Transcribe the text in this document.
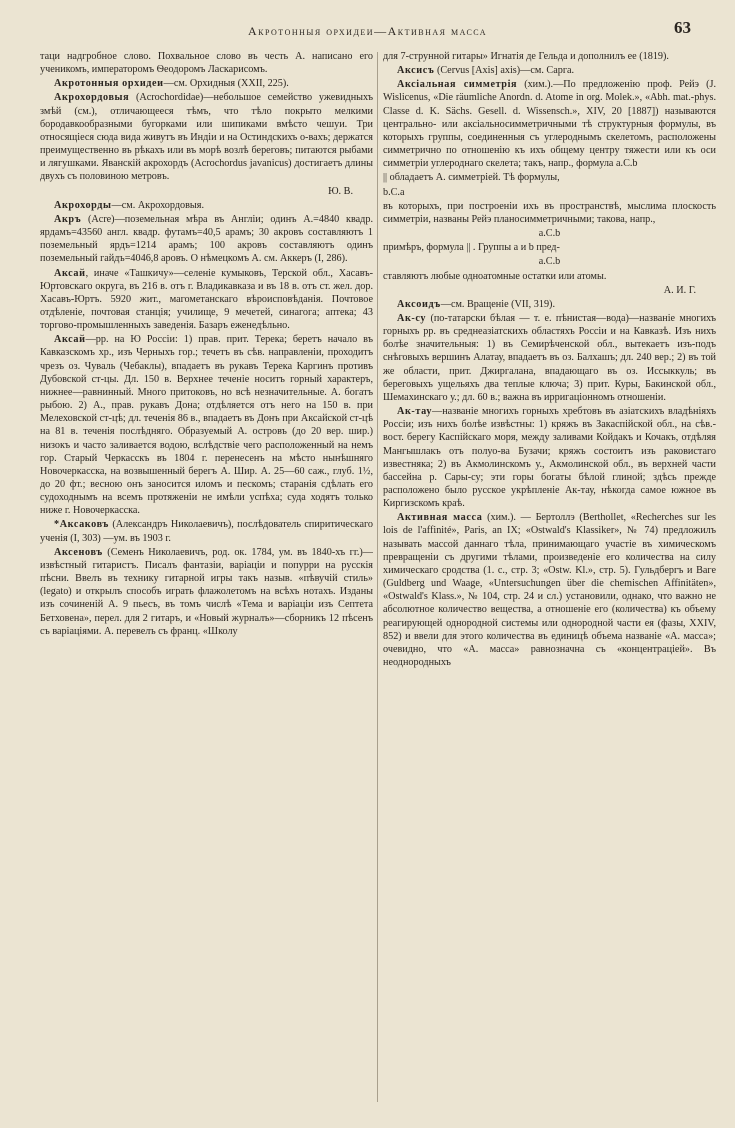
Акротонныя орхидеи—Активная масса	63

таци надгробное слово. Похвальное слово въ честь А. написано его ученикомъ, императоромъ Ѳеодоромъ Ласкарисомъ.

Акротонныя орхидеи—см. Орхидныя (XXII, 225).

Акрохордовыя (Acrochordidae)—небольшое семейство ужевидныхъ змѣй (см.), отличающееся тѣмъ, что тѣло покрыто мелкими бородавкообразными бугорками или шипиками вмѣсто чешуи. Три относящіеся сюда вида живутъ въ Индіи и на Остиндскихъ о-вахъ; держатся преимущественно въ рѣкахъ или въ морѣ возлѣ береговъ; питаются рыбами и лягушками. Яванскій акрохордъ (Acrochordus javanicus) достигаетъ длины двухъ съ половиною метровъ.

Ю. В.

Акрохорды—см. Акрохордовыя.

Акръ (Acre)—поземельная мѣра въ Англіи; одинъ А.=4840 квадр. ярдамъ=43560 англ. квадр. футамъ=40,5 арамъ; 30 акровъ составляютъ 1 поземельный ярдъ=1214 арамъ; 100 акровъ составляютъ одинъ поземельный гайдъ=4046,8 аровъ. О нѣмецкомъ А. см. Аккеръ (I, 286).

Аксай, иначе «Ташкичу»—селеніе кумыковъ, Терской обл., Хасавъ-Юртовскаго округа, въ 216 в. отъ г. Владикавказа и въ 18 в. отъ ст. жел. дор. Хасавъ-Юртъ. 5920 жит., магометанскаго вѣроисповѣданія. Почтовое отдѣленіе, почтовая станція; училище, 9 мечетей, синагога; аптека; 43 торгово-промышленныхъ заведенія. Базаръ еженедѣльно.

Аксай—рр. на Ю Россіи: 1) прав. прит. Терека; беретъ начало въ Кавказскомъ хр., изъ Черныхъ гор.; течетъ въ сѣв. направленіи, проходитъ чрезъ оз. Чуваль (Чебаклы), впадаетъ въ рукавъ Терека Каргинъ противъ Дубовской ст-цы. Дл. 150 в. Верхнее теченіе носитъ горный характеръ, нижнее—равнинный. Много притоковъ, но всѣ незначительные. А. богатъ рыбою. 2) А., прав. рукавъ Дона; отдѣляется отъ него на 150 в. при Мелеховской ст-цѣ; дл. теченія 86 в., впадаетъ въ Донъ при Аксайской ст-цѣ на 81 в. теченія послѣдняго. Образуемый А. островъ (до 20 вер. шир.) низокъ и часто заливается водою, вслѣдствіе чего расположенный на немъ гор. Старый Черкасскъ въ 1804 г. перенесенъ на мѣсто нынѣшняго Новочеркасска, на возвышенный берегъ А. Шир. А. 25—60 саж., глуб. 1½, до 20 фт.; весною онъ заносится иломъ и пескомъ; старанія сдѣлать его судоходнымъ на всемъ протяженіи не имѣли успѣха; суда ходятъ только ниже г. Новочеркасска.

*Аксаковъ (Александръ Николаевичъ), послѣдователь спиритическаго ученія (I, 303) —ум. въ 1903 г.

Аксеновъ (Семенъ Николаевичъ, род. ок. 1784, ум. въ 1840-хъ гг.)—извѣстный гитаристъ. Писалъ фантазіи, варіаціи и попурри на русскія пѣсни. Ввелъ въ технику гитарной игры такъ назыв. «пѣвучій стиль» (legato) и открылъ способъ играть флажолетомъ на всѣхъ нотахъ. Изданы изъ сочиненій А. 9 пьесъ, въ томъ числѣ «Тема и варіаціи изъ Септета Бетховена», перел. для 2 гитаръ, и «Новый журналъ»—сборникъ 12 пѣсенъ съ варіаціями. А. перевелъ съ франц. «Школу

для 7-струнной гитары» Игнатія де Гельда и дополнилъ ее (1819).

Аксисъ (Cervus [Axis] axis)—см. Сарга.

Аксіальная симметрія (хим.).—По предложенію проф. Рейэ (J. Wislicenus, «Die räumliche Anordn. d. Atome in org. Molek.», «Abh. mat.-phys. Classe d. K. Sächs. Gesell. d. Wissensch.», XIV, 20 [1887]) называются центрально- или аксіальносимметричными тѣ структурныя формулы, въ которыхъ группы, соединенныя съ углероднымъ скелетомъ, расположены симметрично по отношенію къ ихъ общему центру тяжести или къ оси симметріи углероднаго скелета; такъ, напр., формула a.C.b

|| обладаетъ А. симметріей. Тѣ формулы,

b.C.a

въ которыхъ, при построеніи ихъ въ пространствѣ, мыслима плоскость симметріи, названы Рейэ планосимметричными; такова, напр.,

a.C.b

примѣръ, формула || . Группы a и b пред-

a.C.b

ставляютъ любые одноатомные остатки или атомы.

А. И. Г.

Аксоидъ—см. Вращеніе (VII, 319).

Ак-су (по-татарски бѣлая — т. е. пѣнистая—вода)—названіе многихъ горныхъ рр. въ среднеазіатскихъ областяхъ Россіи и на Кавказѣ. Изъ нихъ болѣе значительныя: 1) въ Семирѣченской обл., вытекаетъ изъ-подъ снѣговыхъ вершинъ Алатау, впадаетъ въ оз. Балхашъ; дл. 240 вер.; 2) въ той же области, прит. Джиргалана, впадающаго въ оз. Иссыккуль; въ береговыхъ ущельяхъ два теплые ключа; 3) прит. Куры, Бакинской обл., Шемахинскаго у.; дл. 60 в.; важна въ ирригаціонномъ отношеніи.

Ак-тау—названіе многихъ горныхъ хребтовъ въ азіатскихъ владѣніяхъ Россіи; изъ нихъ болѣе извѣстны: 1) кряжъ въ Закаспійской обл., на сѣв.-вост. берегу Каспійскаго моря, между заливами Койдакъ и Кочакъ, отдѣляя Мангышлакъ отъ полуо-ва Бузачи; кряжъ состоитъ изъ раковистаго известняка; 2) въ Акмолинскомъ у., Акмолинской обл., въ верхней части бассейна р. Сары-су; эти горы богаты бѣлой глиной; здѣсь прежде расположено было русское укрѣпленіе Ак-тау, нѣкогда самое южное въ Киргизскомъ краѣ.

Активная масса (хим.). — Бертоллэ (Berthollet, «Recherches sur les lois de l'affinité», Paris, an IX; «Ostwald's Klassiker», № 74) предложилъ называть массой даннаго тѣла, принимающаго участіе въ химическомъ превращеніи съ другими тѣлами, произведеніе его количества на силу химическаго сродства (1. с., стр. 3; «Ostw. Kl.», стр. 5). Гульдбергъ и Ваге (Guldberg und Waage, «Untersuchungen über die chemischen Affinitäten», «Ostwald's Klass.», № 104, стр. 24 и сл.) установили, однако, что важно не абсолютное количество вещества, а отношеніе его (количества) къ объему реагирующей однородной системы или однородной части ея (фазы, XXIV, 852) и ввели для этого количества въ единицѣ объема названіе «А. масса»; очевидно, что «А. масса» равнозначна съ «концентраціей». Въ неоднородныхъ
